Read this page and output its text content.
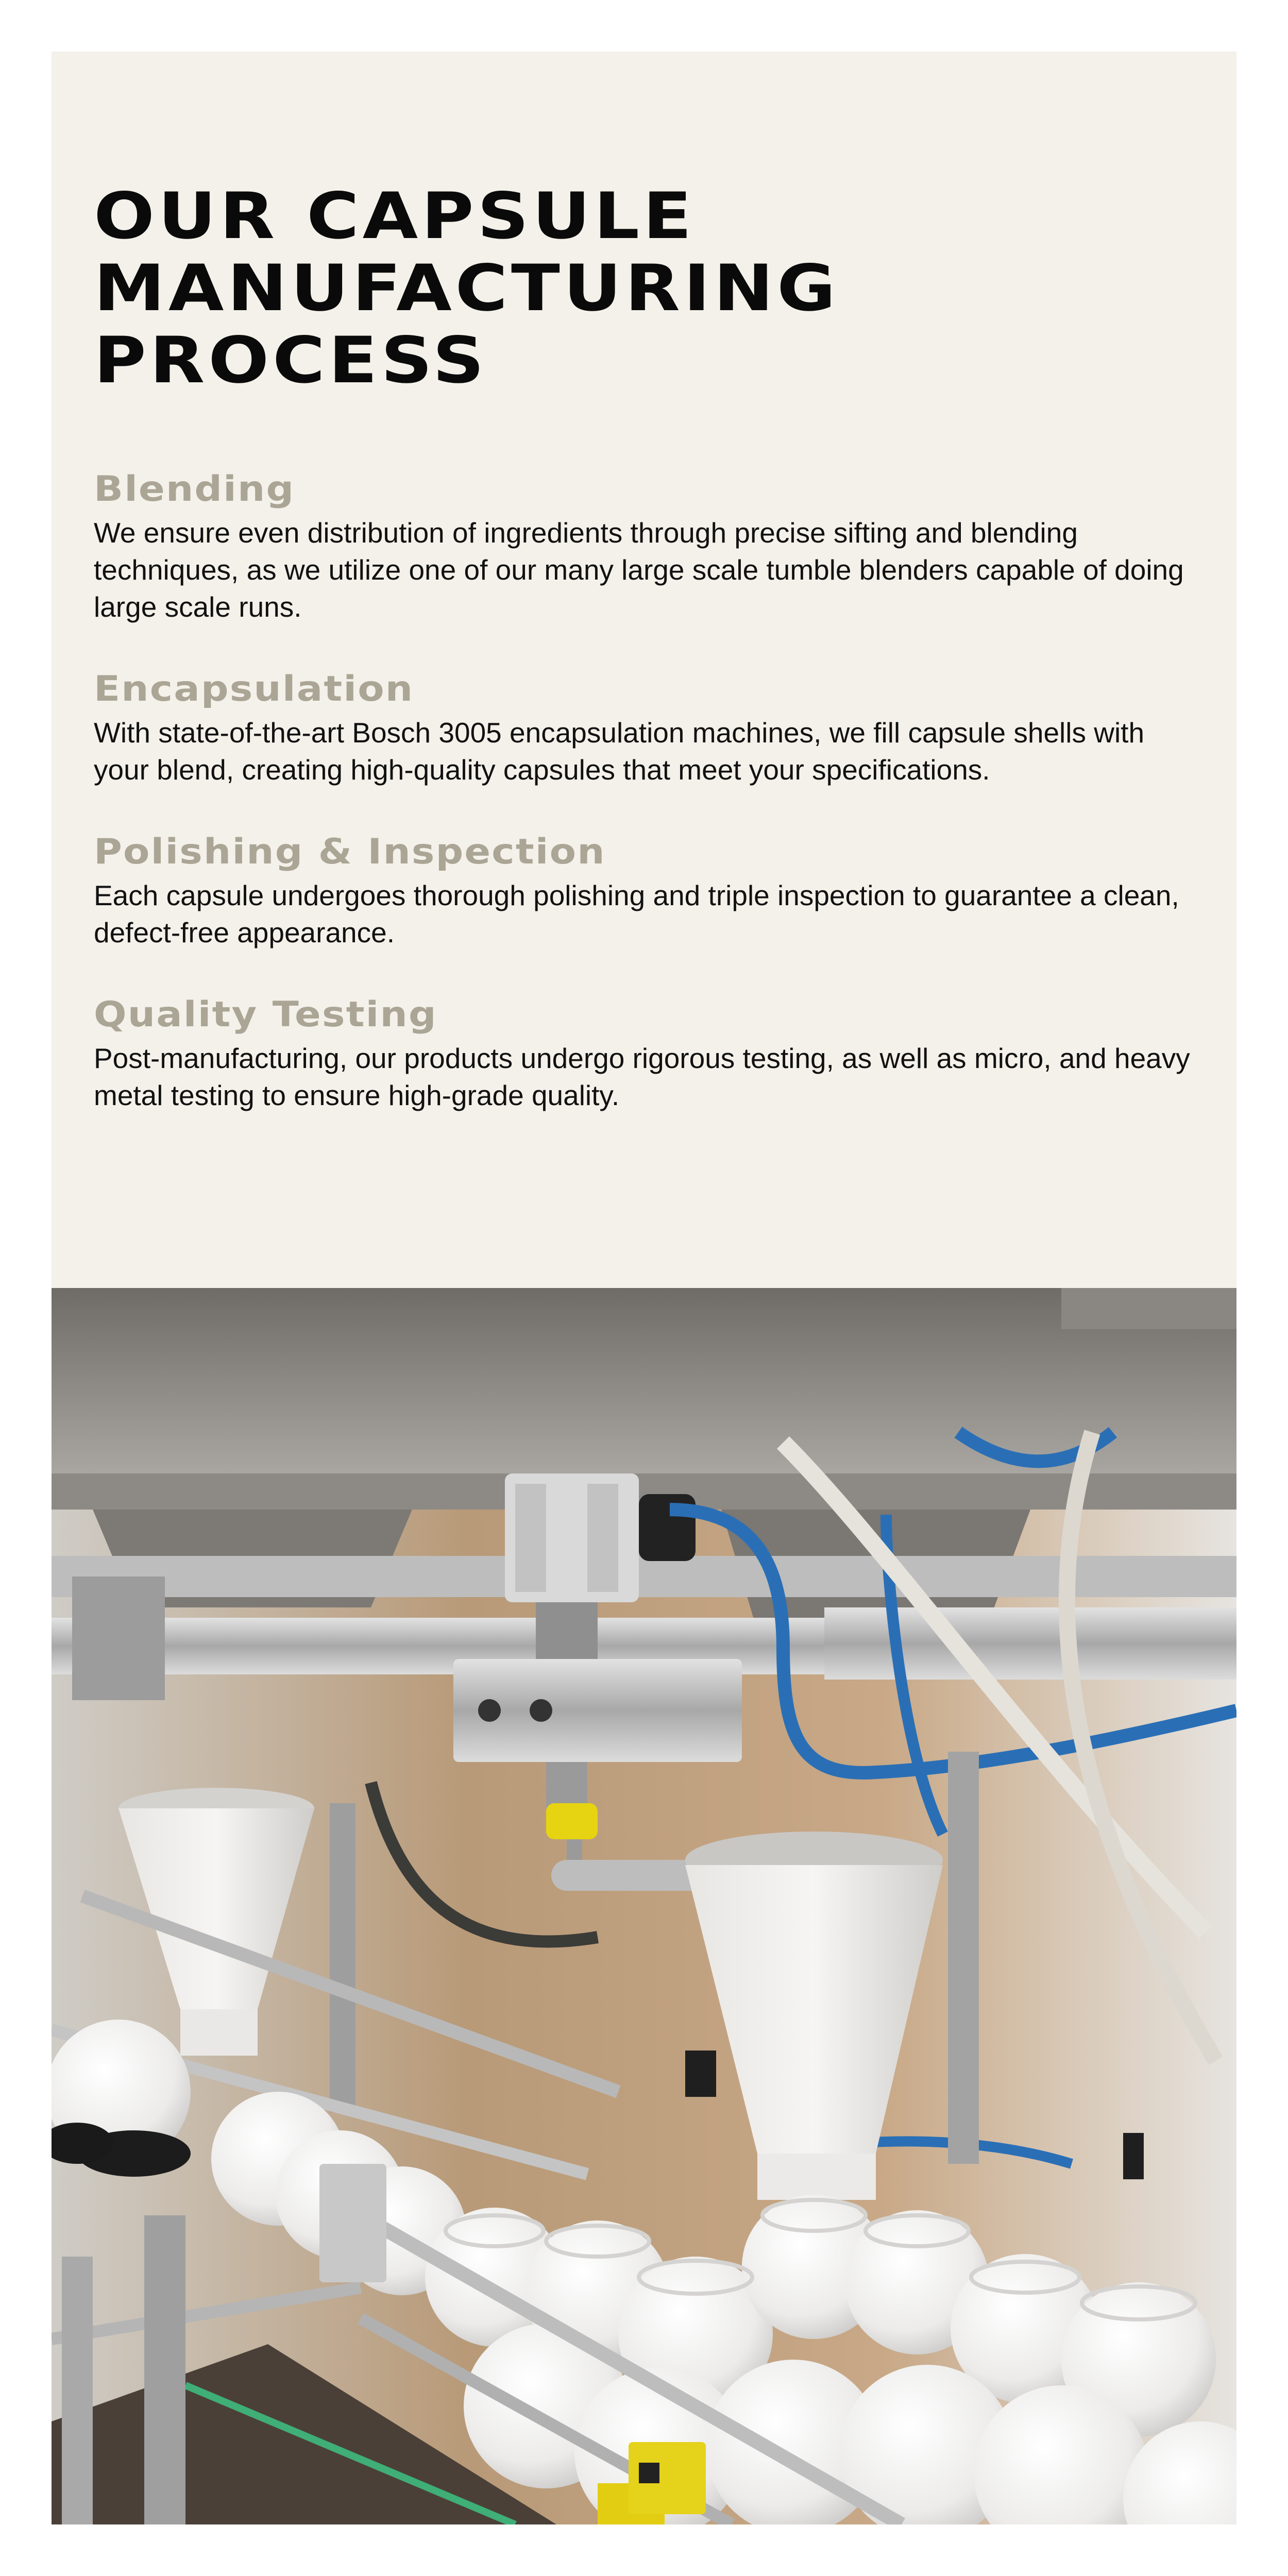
OUR CAPSULE MANUFACTURING PROCESS
Blending

We ensure even distribution of ingredients through precise sifting and blending techniques, as we utilize one of our many large scale tumble blenders capable of doing large scale runs.

Encapsulation

With state-of-the-art Bosch 3005 encapsulation machines, we fill capsule shells with your blend, creating high-quality capsules that meet your specifications.

Polishing & Inspection

Each capsule undergoes thorough polishing and triple inspection to guarantee a clean, defect-free appearance.

Quality Testing

Post-manufacturing, our products undergo rigorous testing, as well as micro, and heavy metal testing to ensure high-grade quality.
